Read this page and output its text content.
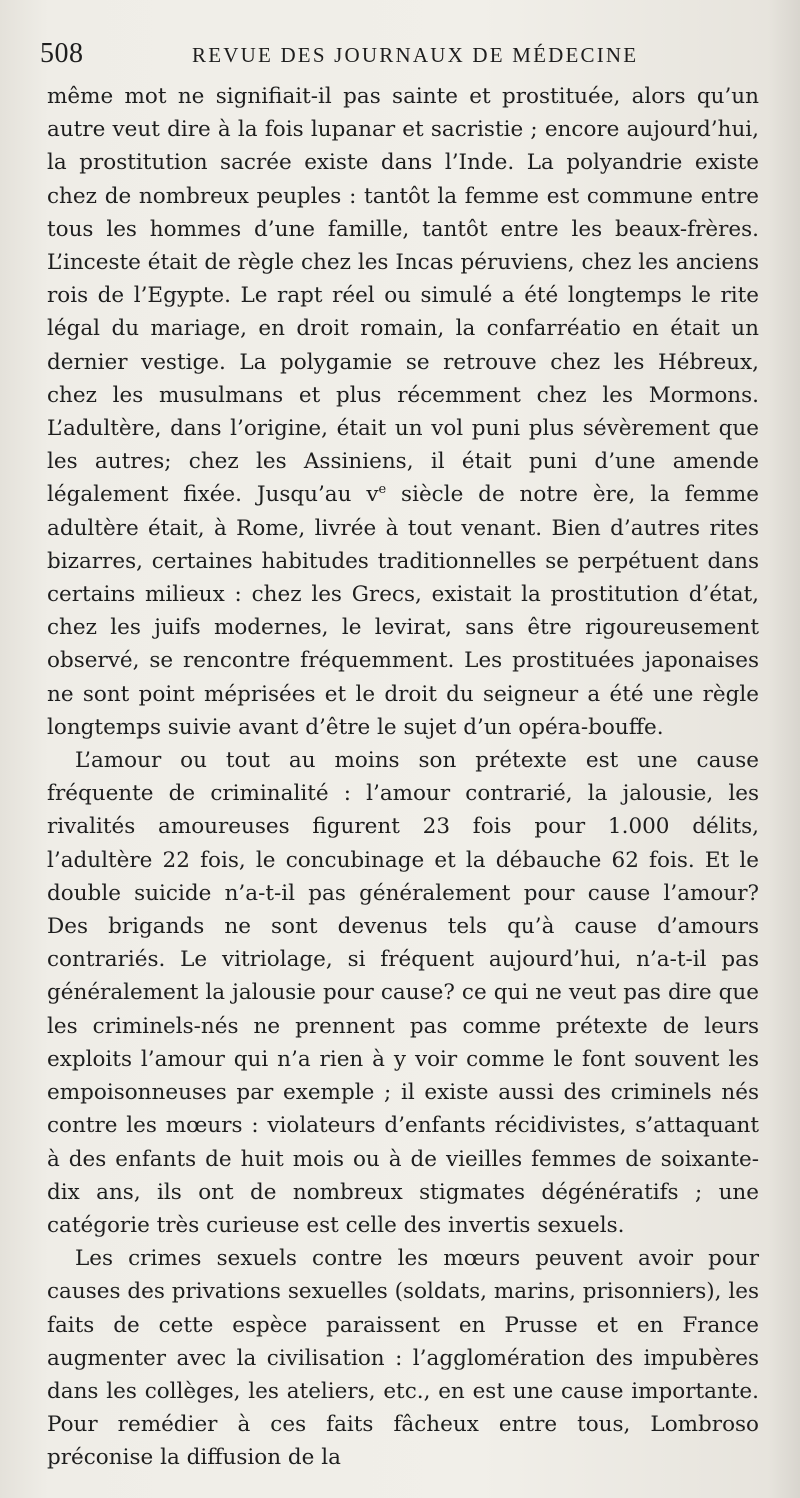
508	REVUE DES JOURNAUX DE MÉDECINE

même mot ne signifiait-il pas sainte et prostituée, alors qu’un autre veut dire à la fois lupanar et sacristie ; encore aujourd’hui, la prostitution sacrée existe dans l’Inde. La polyandrie existe chez de nombreux peuples : tantôt la femme est commune entre tous les hommes d’une famille, tantôt entre les beaux-frères. L’inceste était de règle chez les Incas péruviens, chez les anciens rois de l’Egypte. Le rapt réel ou simulé a été longtemps le rite légal du mariage, en droit romain, la confarréatio en était un dernier vestige. La polygamie se retrouve chez les Hébreux, chez les musulmans et plus récemment chez les Mormons. L’adultère, dans l’origine, était un vol puni plus sévèrement que les autres; chez les Assiniens, il était puni d’une amende légalement fixée. Jusqu’au $v^e$ siècle de notre ère, la femme adultère était, à Rome, livrée à tout venant. Bien d’autres rites bizarres, certaines habitudes traditionnelles se perpétuent dans certains milieux : chez les Grecs, existait la prostitution d’état, chez les juifs modernes, le levirat, sans être rigoureusement observé, se rencontre fréquemment. Les prostituées japonaises ne sont point méprisées et le droit du seigneur a été une règle longtemps suivie avant d’être le sujet d’un opéra-bouffe.

L’amour ou tout au moins son prétexte est une cause fréquente de criminalité : l’amour contrarié, la jalousie, les rivalités amoureuses figurent 23 fois pour 1.000 délits, l’adultère 22 fois, le concubinage et la débauche 62 fois. Et le double suicide n’a-t-il pas généralement pour cause l’amour? Des brigands ne sont devenus tels qu’à cause d’amours contrariés. Le vitriolage, si fréquent aujourd’hui, n’a-t-il pas généralement la jalousie pour cause? ce qui ne veut pas dire que les criminels-nés ne prennent pas comme prétexte de leurs exploits l’amour qui n’a rien à y voir comme le font souvent les empoisonneuses par exemple ; il existe aussi des criminels nés contre les mœurs : violateurs d’enfants récidivistes, s’attaquant à des enfants de huit mois ou à de vieilles femmes de soixante-dix ans, ils ont de nombreux stigmates dégénératifs ; une catégorie très curieuse est celle des invertis sexuels.

Les crimes sexuels contre les mœurs peuvent avoir pour causes des privations sexuelles (soldats, marins, prisonniers), les faits de cette espèce paraissent en Prusse et en France augmenter avec la civilisation : l’agglomération des impubères dans les collèges, les ateliers, etc., en est une cause importante. Pour remédier à ces faits fâcheux entre tous, Lombroso préconise la diffusion de la
